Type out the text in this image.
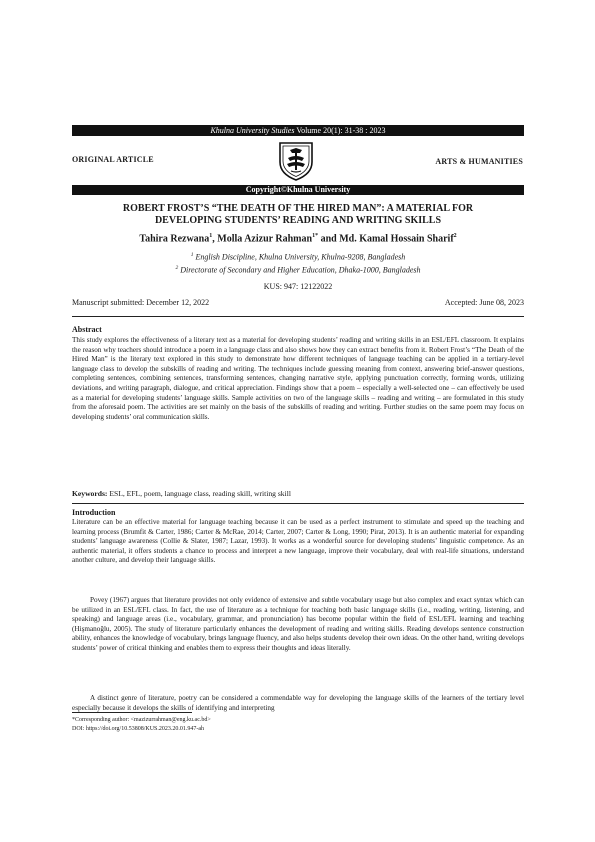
Khulna University Studies Volume 20(1): 31-38 : 2023
ORIGINAL ARTICLE	ARTS & HUMANITIES
Copyright©Khulna University
ROBERT FROST’S “THE DEATH OF THE HIRED MAN”: A MATERIAL FOR
DEVELOPING STUDENTS’ READING AND WRITING SKILLS
Tahira Rezwana$^1$, Molla Azizur Rahman$^{1*}$ and Md. Kamal Hossain Sharif$^2$
$^1$ English Discipline, Khulna University, Khulna-9208, Bangladesh
$^2$ Directorate of Secondary and Higher Education, Dhaka-1000, Bangladesh
KUS: 947: 12122022
Manuscript submitted: December 12, 2022	Accepted: June 08, 2023
Abstract
This study explores the effectiveness of a literary text as a material for developing students’ reading and writing skills in an ESL/EFL classroom. It explains the reason why teachers should introduce a poem in a language class and also shows how they can extract benefits from it. Robert Frost’s “The Death of the Hired Man” is the literary text explored in this study to demonstrate how different techniques of language teaching can be applied in a tertiary-level language class to develop the subskills of reading and writing. The techniques include guessing meaning from context, answering brief-answer questions, completing sentences, combining sentences, transforming sentences, changing narrative style, applying punctuation correctly, forming words, utilizing deviations, and writing paragraph, dialogue, and critical appreciation. Findings show that a poem – especially a well-selected one – can effectively be used as a material for developing students’ language skills. Sample activities on two of the language skills – reading and writing – are formulated in this study from the aforesaid poem. The activities are set mainly on the basis of the subskills of reading and writing. Further studies on the same poem may focus on developing students’ oral communication skills.
Keywords: ESL, EFL, poem, language class, reading skill, writing skill
Introduction
Literature can be an effective material for language teaching because it can be used as a perfect instrument to stimulate and speed up the teaching and learning process (Brumfit & Carter, 1986; Carter & McRae, 2014; Carter, 2007; Carter & Long, 1990; Pirat, 2013). It is an authentic material for expanding students’ language awareness (Collie & Slater, 1987; Lazar, 1993). It works as a wonderful source for developing students’ linguistic competence. As an authentic material, it offers students a chance to process and interpret a new language, improve their vocabulary, deal with real-life situations, understand another culture, and develop their language skills.
Povey (1967) argues that literature provides not only evidence of extensive and subtle vocabulary usage but also complex and exact syntax which can be utilized in an ESL/EFL class. In fact, the use of literature as a technique for teaching both basic language skills (i.e., reading, writing, listening, and speaking) and language areas (i.e., vocabulary, grammar, and pronunciation) has become popular within the field of ESL/EFL learning and teaching (Hişmanoğlu, 2005). The study of literature particularly enhances the development of reading and writing skills. Reading develops sentence construction ability, enhances the knowledge of vocabulary, brings language fluency, and also helps students develop their own ideas. On the other hand, writing develops students’ power of critical thinking and enables them to express their thoughts and ideas literally.
A distinct genre of literature, poetry can be considered a commendable way for developing the language skills of the learners of the tertiary level especially because it develops the skills of identifying and interpreting
*Corresponding author: <mazizurrahman@eng.ku.ac.bd>
DOI: https://doi.org/10.53808/KUS.2023.20.01.947-ah
